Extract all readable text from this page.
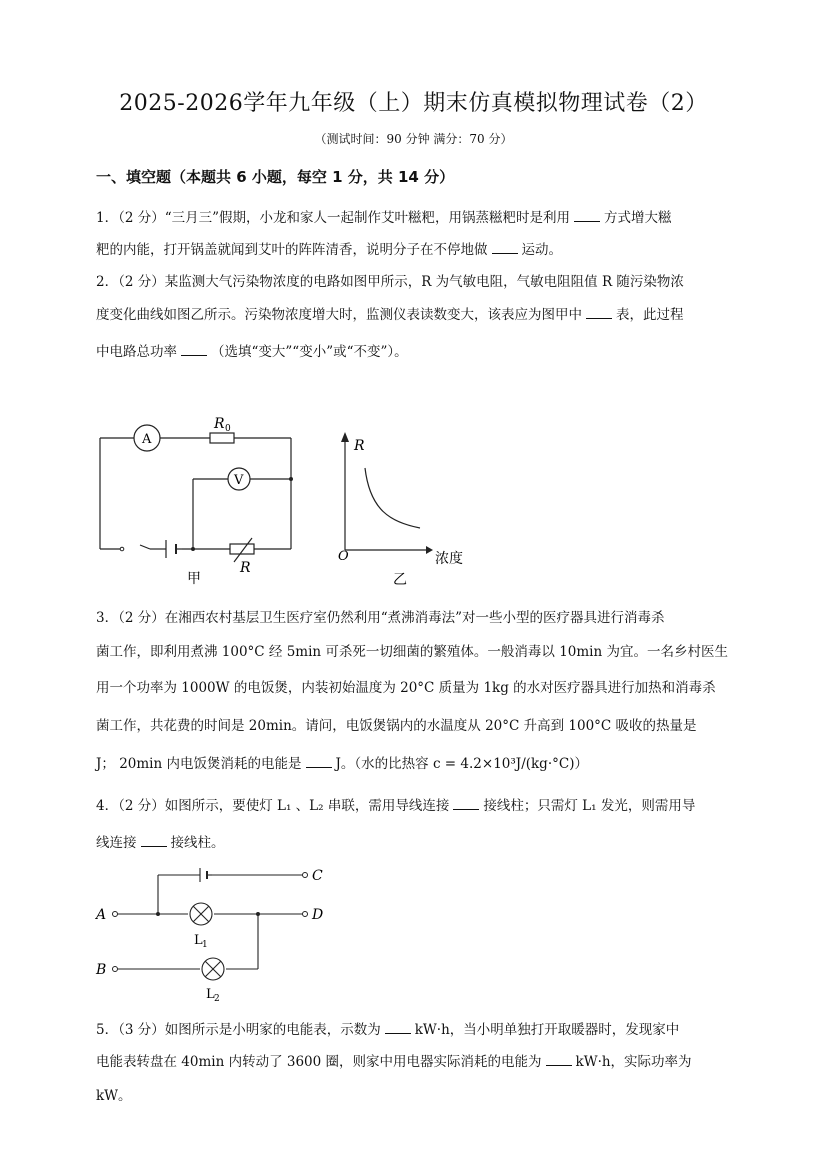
2025-2026学年九年级（上）期末仿真模拟物理试卷（2）
（测试时间：90 分钟 满分：70 分）
一、填空题（本题共 6 小题，每空 1 分，共 14 分）
1．（2 分）“三月三”假期，小龙和家人一起制作艾叶糍粑，用锅蒸糍粑时是利用	方式增大糍
粑的内能，打开锅盖就闻到艾叶的阵阵清香，说明分子在不停地做	运动。
2．（2 分）某监测大气污染物浓度的电路如图甲所示，R 为气敏电阻，气敏电阻阻值 R 随污染物浓
度变化曲线如图乙所示。污染物浓度增大时，监测仪表读数变大，该表应为图甲中	表，此过程
中电路总功率	（选填“变大”“变小”或“不变”）。
A
V
R 0
R
甲
R
O	浓度
乙
3．（2 分）在湘西农村基层卫生医疗室仍然利用“煮沸消毒法”对一些小型的医疗器具进行消毒杀
菌工作，即利用煮沸 100°C 经 5min 可杀死一切细菌的繁殖体。一般消毒以 10min 为宜。一名乡村医生
用一个功率为 1000W 的电饭煲，内装初始温度为 20°C 质量为 1kg 的水对医疗器具进行加热和消毒杀
菌工作，共花费的时间是 20min。请问，电饭煲锅内的水温度从 20°C 升高到 100°C 吸收的热量是
J； 20min 内电饭煲消耗的电能是	J。（水的比热容 c = 4.2×10³J/(kg·°C)）
4．（2 分）如图所示，要使灯 L₁ 、L₂ 串联，需用导线连接	接线柱；只需灯 L₁ 发光，则需用导
线连接	接线柱。
A
B
C
D
L 1
L 2
5．（3 分）如图所示是小明家的电能表，示数为	kW·h，当小明单独打开取暖器时，发现家中
电能表转盘在 40min 内转动了 3600 圈，则家中用电器实际消耗的电能为	kW·h，实际功率为
kW。
